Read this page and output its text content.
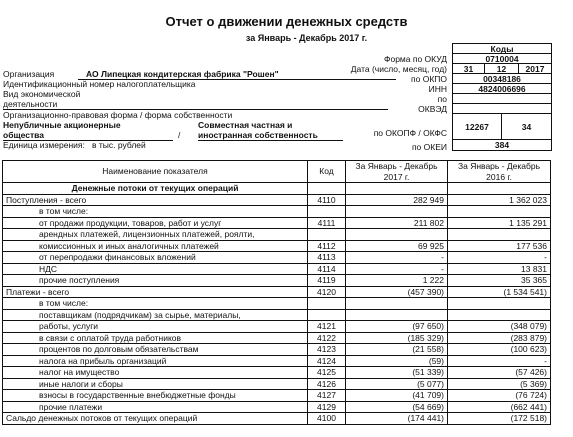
Отчет о движении денежных средств
за Январь - Декабрь 2017 г.
Коды
Форма по ОКУД	0710004
Дата (число, месяц, год)	31	12	2017
Организация	АО Липецкая кондитерская фабрика "Рошен"	по ОКПО	00348186
Идентификационный номер налогоплательщика	ИНН	4824006696
Вид экономической	по
деятельности	ОКВЭД
Организационно-правовая форма / форма собственности
Непубличные акционерные
общества	/
Совместная частная и
иностранная собственность	по ОКОПФ / ОКФС
12267	34
Единица измерения: в тыс. рублей	по ОКЕИ	384
Наименование показателя	Код	За Январь - Декабрь 2017 г.	За Январь - Декабрь 2016 г.
Денежные потоки от текущих операций			
Поступления - всего	4110	282 949	1 362 023
в том числе:			
от продажи продукции, товаров, работ и услуг	4111	211 802	1 135 291
арендных платежей, лицензионных платежей, роялти,			
комиссионных и иных аналогичных платежей	4112	69 925	177 536
от перепродажи финансовых вложений	4113	-	-
НДС	4114	-	13 831
прочие поступления	4119	1 222	35 365
Платежи - всего	4120	(457 390)	(1 534 541)
в том числе:			
поставщикам (подрядчикам) за сырье, материалы,			
работы, услуги	4121	(97 650)	(348 079)
в связи с оплатой труда работников	4122	(185 329)	(283 879)
процентов по долговым обязательствам	4123	(21 558)	(100 623)
налога на прибыль организаций	4124	(59)	-
налог на имущество	4125	(51 339)	(57 426)
иные налоги и сборы	4126	(5 077)	(5 369)
взносы в государственные внебюджетные фонды	4127	(41 709)	(76 724)
прочие платежи	4129	(54 669)	(662 441)
Сальдо денежных потоков от текущих операций	4100	(174 441)	(172 518)
